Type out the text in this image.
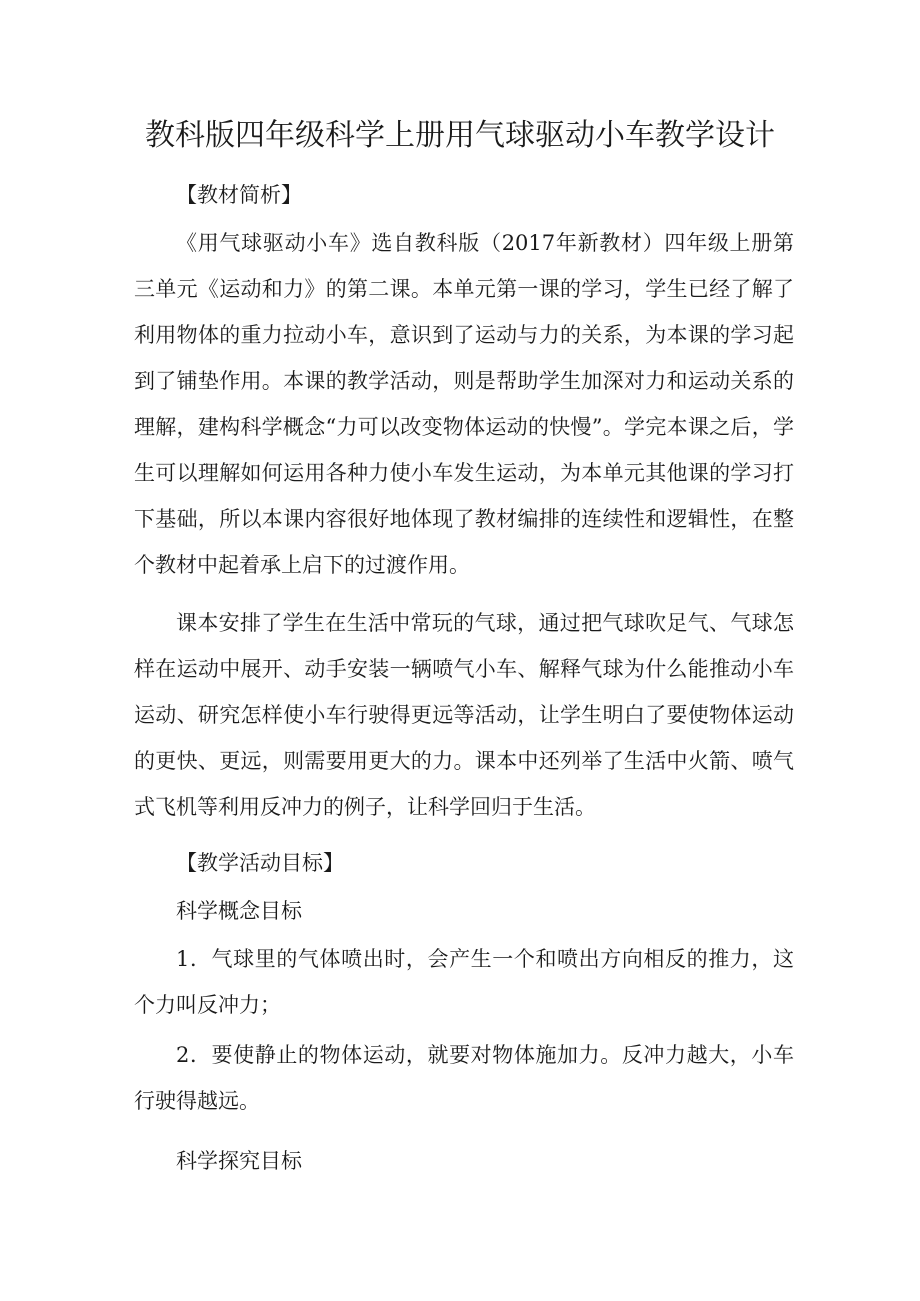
教科版四年级科学上册用气球驱动小车教学设计

【教材简析】

《用气球驱动小车》选自教科版（2017年新教材）四年级上册第三单元《运动和力》的第二课。本单元第一课的学习，学生已经了解了利用物体的重力拉动小车，意识到了运动与力的关系，为本课的学习起到了铺垫作用。本课的教学活动，则是帮助学生加深对力和运动关系的理解，建构科学概念“力可以改变物体运动的快慢”。学完本课之后，学生可以理解如何运用各种力使小车发生运动，为本单元其他课的学习打下基础，所以本课内容很好地体现了教材编排的连续性和逻辑性，在整个教材中起着承上启下的过渡作用。

课本安排了学生在生活中常玩的气球，通过把气球吹足气、气球怎样在运动中展开、动手安装一辆喷气小车、解释气球为什么能推动小车运动、研究怎样使小车行驶得更远等活动，让学生明白了要使物体运动的更快、更远，则需要用更大的力。课本中还列举了生活中火箭、喷气式飞机等利用反冲力的例子，让科学回归于生活。

【教学活动目标】

科学概念目标

1．气球里的气体喷出时，会产生一个和喷出方向相反的推力，这个力叫反冲力；

2．要使静止的物体运动，就要对物体施加力。反冲力越大，小车行驶得越远。

科学探究目标
